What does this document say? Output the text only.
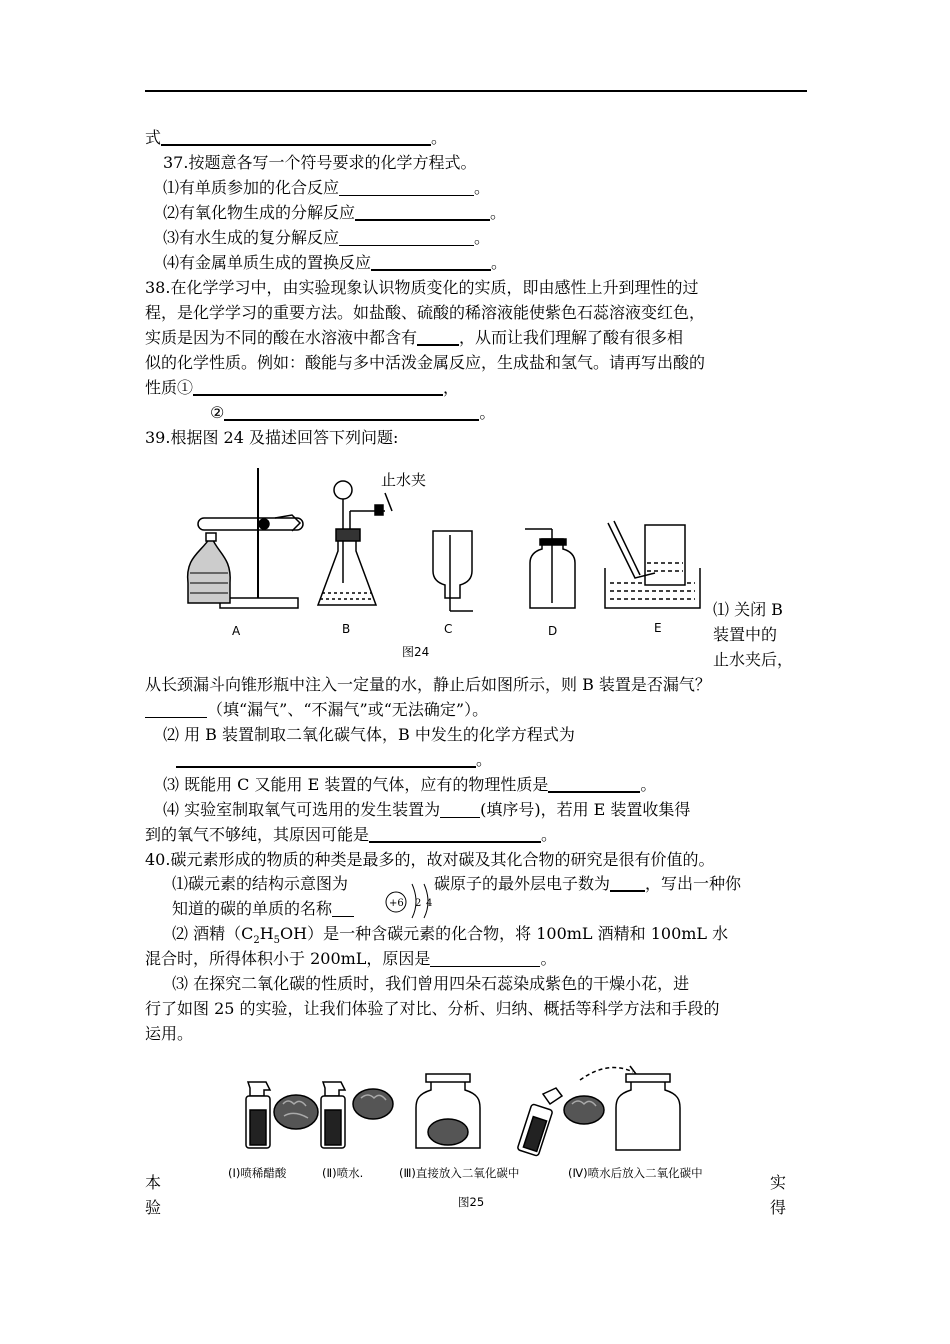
式	。
37.按题意各写一个符号要求的化学方程式。
⑴有单质参加的化合反应	。
⑵有氧化物生成的分解反应	。
⑶有水生成的复分解反应	。
⑷有金属单质生成的置换反应	。
38.在化学学习中，由实验现象认识物质变化的实质，即由感性上升到理性的过
程，是化学学习的重要方法。如盐酸、硫酸的稀溶液能使紫色石蕊溶液变红色，
实质是因为不同的酸在水溶液中都含有	，从而让我们理解了酸有很多相
似的化学性质。例如：酸能与多中活泼金属反应，生成盐和氢气。请再写出酸的
性质①	，
②	。
39.根据图 24 及描述回答下列问题:
止水夹
A	B	C	D	E
图24
⑴ 关闭 B
装置中的
止水夹后，
从长颈漏斗向锥形瓶中注入一定量的水，静止后如图所示，则 B 装置是否漏气？
（填“漏气”、“不漏气”或“无法确定”）。
⑵ 用 B 装置制取二氧化碳气体，B 中发生的化学方程式为
。
⑶ 既能用 C 又能用 E 装置的气体，应有的物理性质是	。
⑷ 实验室制取氧气可选用的发生装置为	(填序号)，若用 E 装置收集得
到的氧气不够纯，其原因可能是	。
40.碳元素形成的物质的种类是最多的，故对碳及其化合物的研究是很有价值的。
⑴碳元素的结构示意图为
+6 2 4
碳原子的最外层电子数为 ，写出一种你
知道的碳的单质的名称
⑵ 酒精$(C_2H_5OH)$是一种含碳元素的化合物，将 100mL 酒精和 100mL 水
混合时，所得体积小于 200mL，原因是	。
⑶ 在探究二氧化碳的性质时，我们曾用四朵石蕊染成紫色的干燥小花，进
行了如图 25 的实验，让我们体验了对比、分析、归纳、概括等科学方法和手段的
运用。
(Ⅰ)喷稀醋酸	(Ⅱ)喷水.	(Ⅲ)直接放入二氧化碳中	(Ⅳ)喷水后放入二氧化碳中
图25
本
验
实
得
